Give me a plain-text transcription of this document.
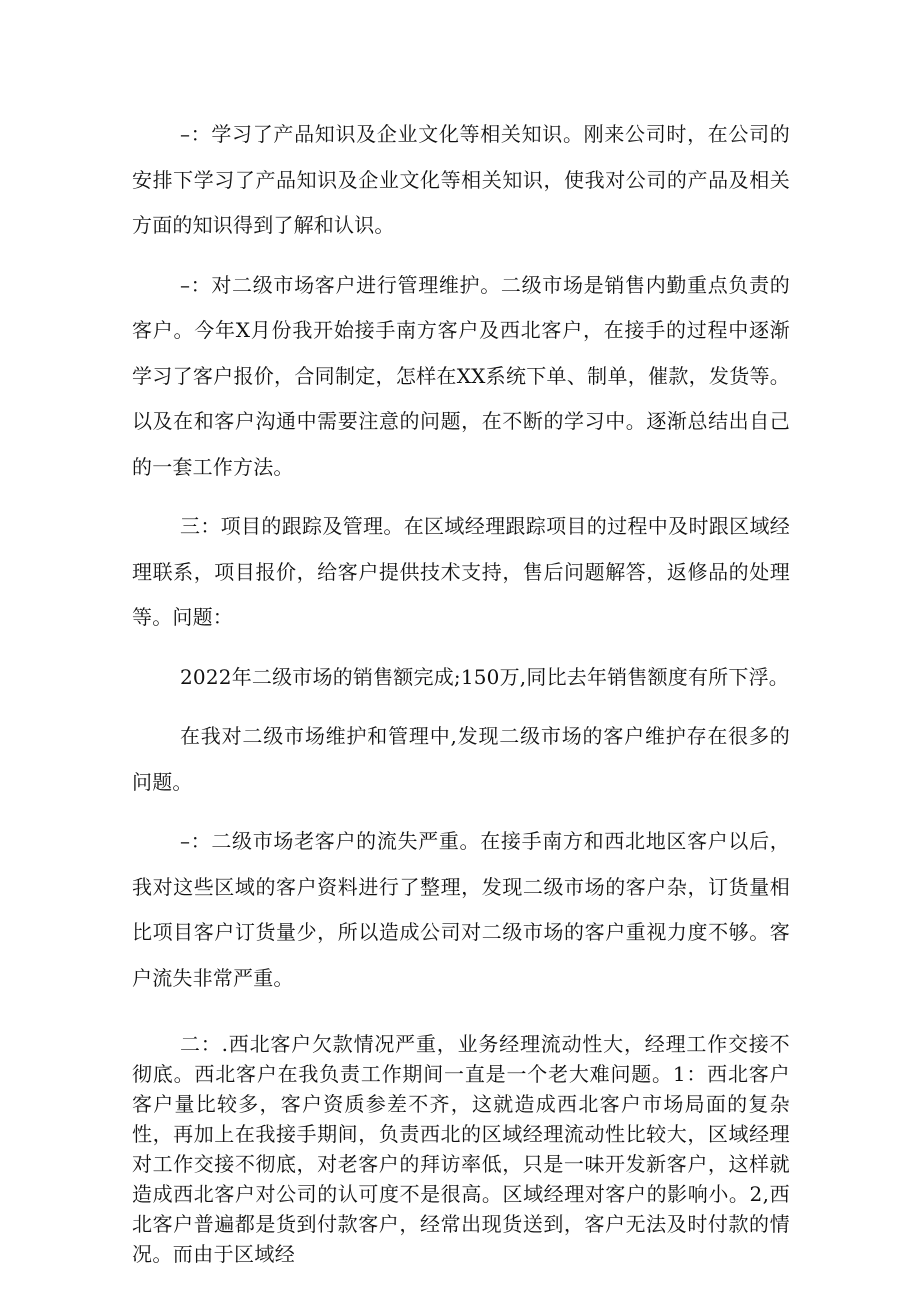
–：学习了产品知识及企业文化等相关知识。刚来公司时，在公司的安排下学习了产品知识及企业文化等相关知识，使我对公司的产品及相关方面的知识得到了解和认识。

–：对二级市场客户进行管理维护。二级市场是销售内勤重点负责的客户。今年X月份我开始接手南方客户及西北客户，在接手的过程中逐渐学习了客户报价，合同制定，怎样在XX系统下单、制单，催款，发货等。以及在和客户沟通中需要注意的问题，在不断的学习中。逐渐总结出自己的一套工作方法。

三：项目的跟踪及管理。在区域经理跟踪项目的过程中及时跟区域经理联系，项目报价，给客户提供技术支持，售后问题解答，返修品的处理等。问题：

2022年二级市场的销售额完成;150万,同比去年销售额度有所下浮。

在我对二级市场维护和管理中,发现二级市场的客户维护存在很多的问题。

–：二级市场老客户的流失严重。在接手南方和西北地区客户以后，我对这些区域的客户资料进行了整理，发现二级市场的客户杂，订货量相比项目客户订货量少，所以造成公司对二级市场的客户重视力度不够。客户流失非常严重。

二：.西北客户欠款情况严重，业务经理流动性大，经理工作交接不彻底。西北客户在我负责工作期间一直是一个老大难问题。1：西北客户客户量比较多，客户资质参差不齐，这就造成西北客户市场局面的复杂性，再加上在我接手期间，负责西北的区域经理流动性比较大，区域经理对工作交接不彻底，对老客户的拜访率低，只是一味开发新客户，这样就造成西北客户对公司的认可度不是很高。区域经理对客户的影响小。2,西北客户普遍都是货到付款客户，经常出现货送到，客户无法及时付款的情况。而由于区域经
